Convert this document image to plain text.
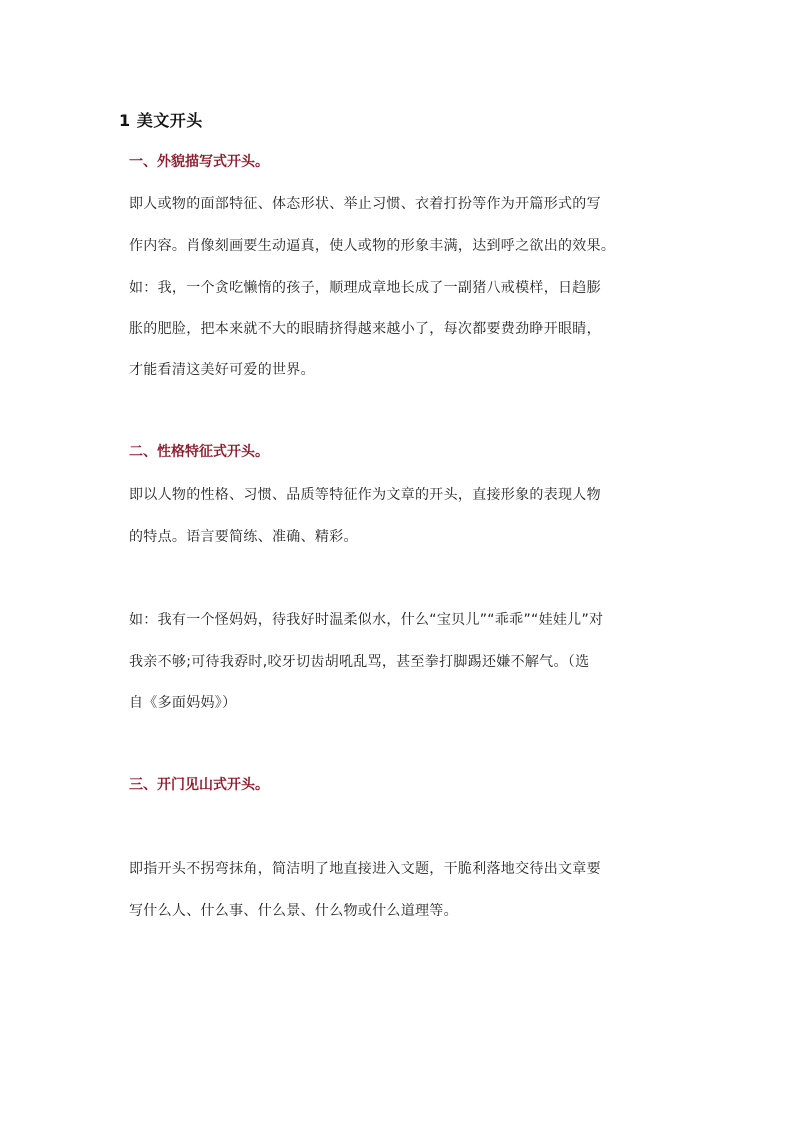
1 美文开头
一、外貌描写式开头。
即人或物的面部特征、体态形状、举止习惯、衣着打扮等作为开篇形式的写
作内容。肖像刻画要生动逼真，使人或物的形象丰满，达到呼之欲出的效果。
如：我，一个贪吃懒惰的孩子，顺理成章地长成了一副猪八戒模样，日趋膨
胀的肥脸，把本来就不大的眼睛挤得越来越小了，每次都要费劲睁开眼睛，
才能看清这美好可爱的世界。
二、性格特征式开头。
即以人物的性格、习惯、品质等特征作为文章的开头，直接形象的表现人物
的特点。语言要简练、准确、精彩。
如：我有一个怪妈妈，待我好时温柔似水，什么“宝贝儿”“乖乖”“娃娃儿”对
我亲不够;可待我孬时,咬牙切齿胡吼乱骂，甚至拳打脚踢还嫌不解气。（选
自《多面妈妈》）
三、开门见山式开头。
即指开头不拐弯抹角，简洁明了地直接进入文题，干脆利落地交待出文章要
写什么人、什么事、什么景、什么物或什么道理等。
